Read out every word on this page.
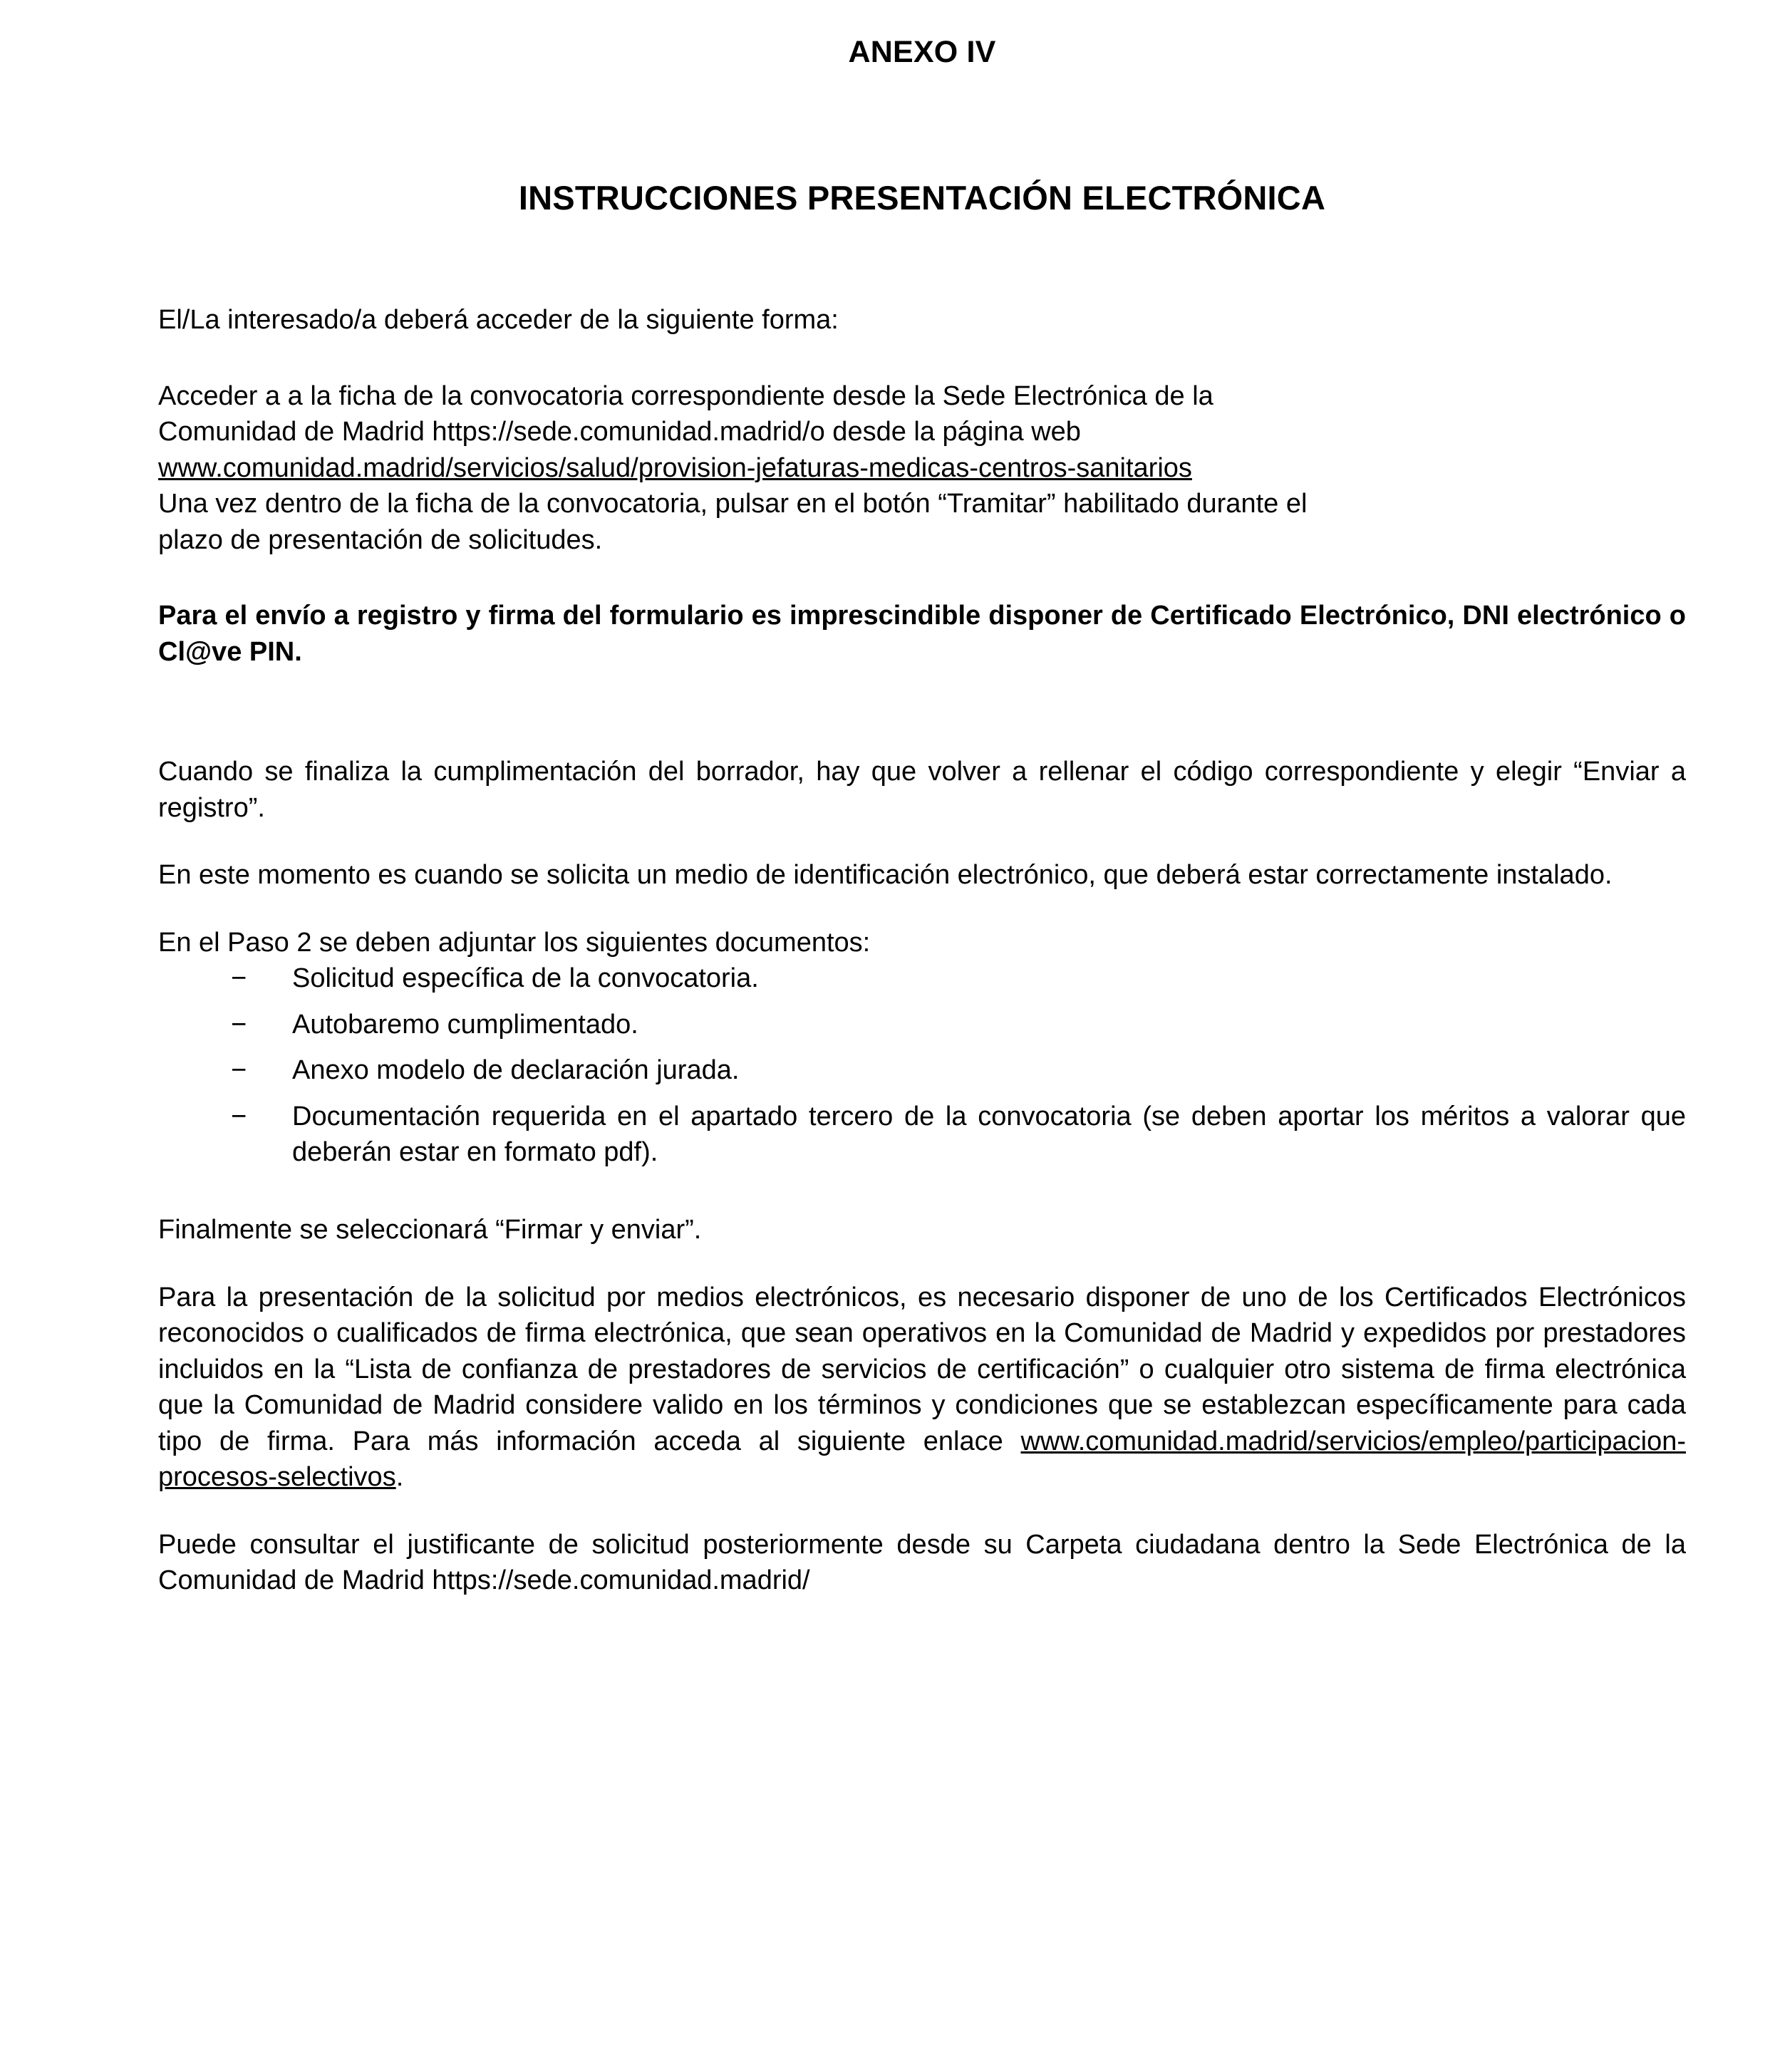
ANEXO IV
INSTRUCCIONES PRESENTACIÓN ELECTRÓNICA

El/La interesado/a deberá acceder de la siguiente forma:

Acceder a a la ficha de la convocatoria correspondiente desde la Sede Electrónica de la

Comunidad de Madrid https://sede.comunidad.madrid/o desde la página web

www.comunidad.madrid/servicios/salud/provision-jefaturas-medicas-centros-sanitarios

Una vez dentro de la ficha de la convocatoria, pulsar en el botón “Tramitar” habilitado durante el

plazo de presentación de solicitudes.

Para el envío a registro y firma del formulario es imprescindible disponer de Certificado Electrónico, DNI electrónico o Cl@ve PIN.

Cuando se finaliza la cumplimentación del borrador, hay que volver a rellenar el código correspondiente y elegir “Enviar a registro”.

En este momento es cuando se solicita un medio de identificación electrónico, que deberá estar correctamente instalado.

En el Paso 2 se deben adjuntar los siguientes documentos:

− Solicitud específica de la convocatoria.
− Autobaremo cumplimentado.
− Anexo modelo de declaración jurada.
− Documentación requerida en el apartado tercero de la convocatoria (se deben aportar los méritos a valorar que deberán estar en formato pdf).

Finalmente se seleccionará “Firmar y enviar”.

Para la presentación de la solicitud por medios electrónicos, es necesario disponer de uno de los Certificados Electrónicos reconocidos o cualificados de firma electrónica, que sean operativos en la Comunidad de Madrid y expedidos por prestadores incluidos en la “Lista de confianza de prestadores de servicios de certificación” o cualquier otro sistema de firma electrónica que la Comunidad de Madrid considere valido en los términos y condiciones que se establezcan específicamente para cada tipo de firma. Para más información acceda al siguiente enlace www.comunidad.madrid/servicios/empleo/participacion-procesos-selectivos.

Puede consultar el justificante de solicitud posteriormente desde su Carpeta ciudadana dentro la Sede Electrónica de la Comunidad de Madrid https://sede.comunidad.madrid/
